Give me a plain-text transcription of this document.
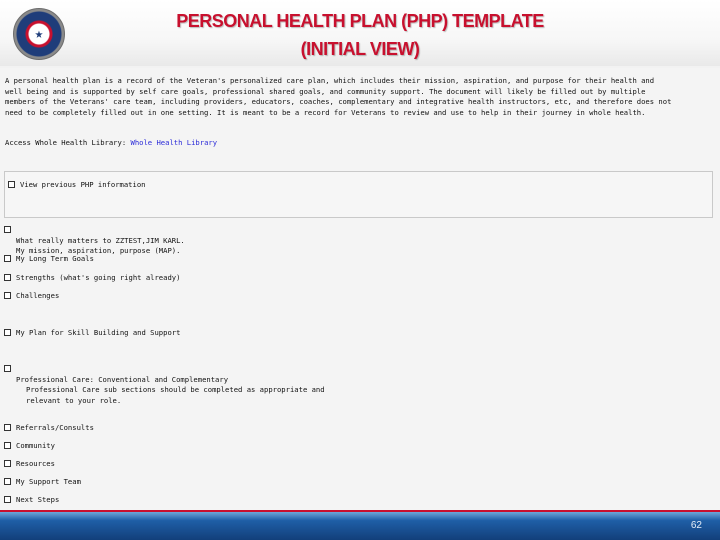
★
PERSONAL HEALTH PLAN (PHP) TEMPLATE
(INITIAL VIEW)
A personal health plan is a record of the Veteran's personalized care plan, which includes their mission, aspiration, and purpose for their health and
well being and is supported by self care goals, professional shared goals, and community support. The document will likely be filled out by multiple
members of the Veterans' care team, including providers, educators, coaches, complementary and integrative health instructors, etc, and therefore does not
need to be completely filled out in one setting. It is meant to be a record for Veterans to review and use to help in their journey in whole health.
Access Whole Health Library: Whole Health Library
View previous PHP information

What really matters to ZZTEST,JIM KARL.

My mission, aspiration, purpose (MAP).

My Long Term Goals
Strengths (what's going right already)
Challenges
My Plan for Skill Building and Support

Professional Care: Conventional and Complementary

Professional Care sub sections should be completed as appropriate and
relevant to your role.

Referrals/Consults
Community
Resources
My Support Team
Next Steps
62
